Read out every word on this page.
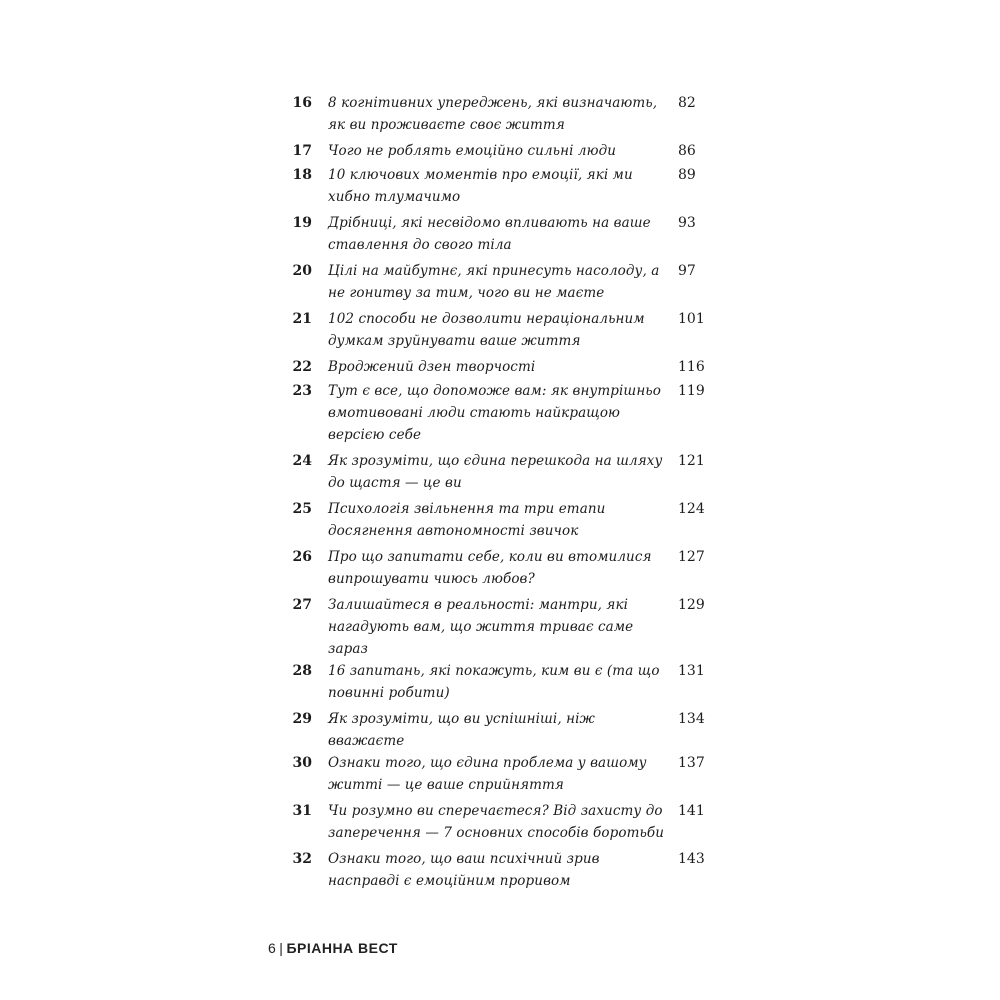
16 8 когнітивних упереджень, які визначають, як ви проживаєте своє життя
82
17 Чого не роблять емоційно сильні люди	86
18 10 ключових моментів про емоції, які ми хибно тлумачимо
89
19 Дрібниці, які несвідомо впливають на ваше ставлення до свого тіла
93
20 Цілі на майбутнє, які принесуть насолоду, а не гонитву за тим, чого ви не маєте
97
21 102 способи не дозволити нераціональним думкам зруйнувати ваше життя
101
22 Вроджений дзен творчості	116
23 Тут є все, що допоможе вам: як внутрішньо вмотивовані люди стають найкращою версією себе
119
24 Як зрозуміти, що єдина перешкода на шляху до щастя — це ви
121
25 Психологія звільнення та три етапи досягнення автономності звичок
124
26 Про що запитати себе, коли ви втомилися випрошувати чиюсь любов?
127
27 Залишайтеся в реальності: мантри, які нагадують вам, що життя триває саме зараз
129
28 16 запитань, які покажуть, ким ви є (та що повинні робити)
131
29 Як зрозуміти, що ви успішніші, ніж вважаєте
134
30 Ознаки того, що єдина проблема у вашому житті — це ваше сприйняття
137
31 Чи розумно ви сперечаєтеся? Від захисту до заперечення — 7 основних способів боротьби
141
32 Ознаки того, що ваш психічний зрив насправді є емоційним проривом
143
6 | БРІАННА ВЕСТ
